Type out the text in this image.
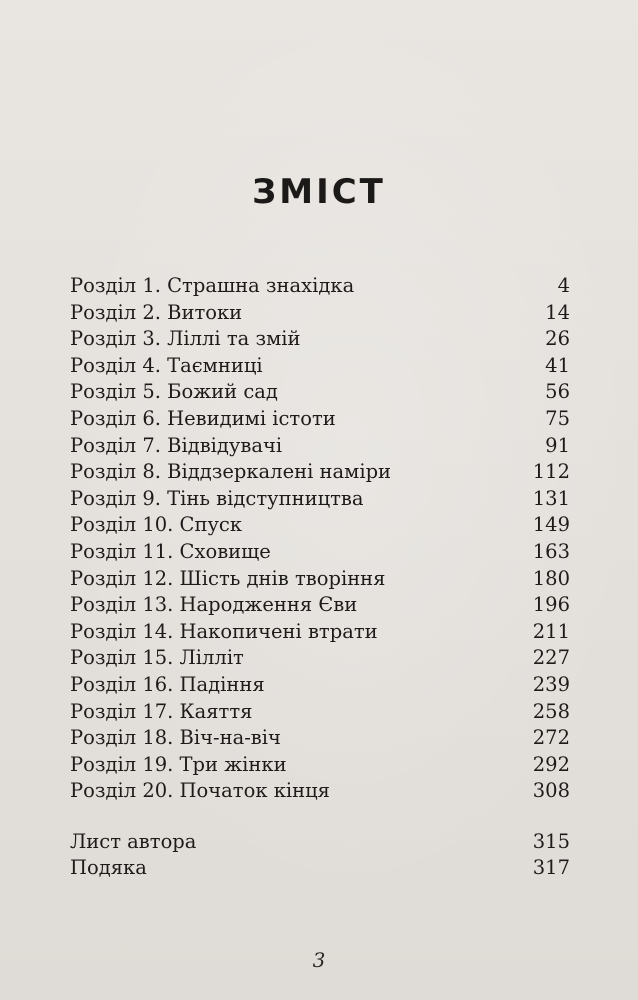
ЗМІСТ
Розділ 1. Страшна знахідка	4
Розділ 2. Витоки	14
Розділ 3. Ліллі та змій	26
Розділ 4. Таємниці	41
Розділ 5. Божий сад	56
Розділ 6. Невидимі істоти	75
Розділ 7. Відвідувачі	91
Розділ 8. Віддзеркалені наміри	112
Розділ 9. Тінь відступництва	131
Розділ 10. Спуск	149
Розділ 11. Сховище	163
Розділ 12. Шість днів творіння	180
Розділ 13. Народження Єви	196
Розділ 14. Накопичені втрати	211
Розділ 15. Ліллiт	227
Розділ 16. Падіння	239
Розділ 17. Каяття	258
Розділ 18. Віч-на-віч	272
Розділ 19. Три жінки	292
Розділ 20. Початок кінця	308
Лист автора	315
Подяка	317
3
